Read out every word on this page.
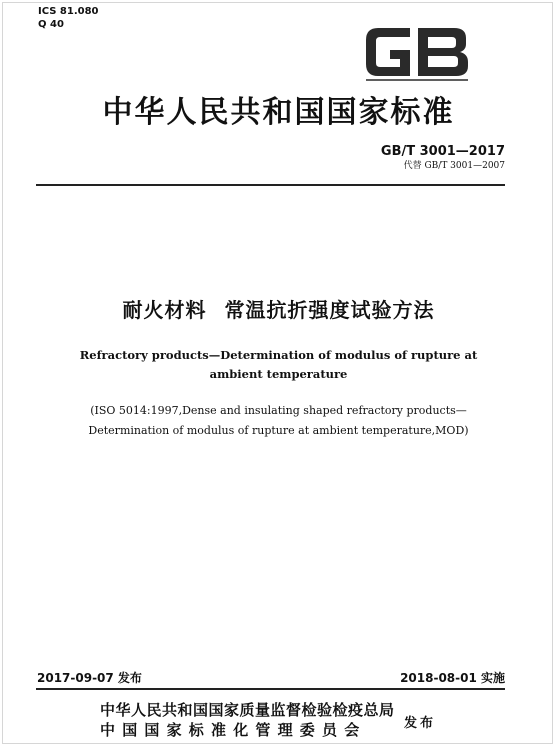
ICS 81.080
Q 40
中华人民共和国国家标准
GB/T 3001—2017
代替 GB/T 3001—2007
耐火材料 常温抗折强度试验方法
Refractory products—Determination of modulus of rupture at
ambient temperature
(ISO 5014:1997,Dense and insulating shaped refractory products—
Determination of modulus of rupture at ambient temperature,MOD)
2017-09-07 发布	2018-08-01 实施
中华人民共和国国家质量监督检验检疫总局
中国国家标准化管理委员会	发布
